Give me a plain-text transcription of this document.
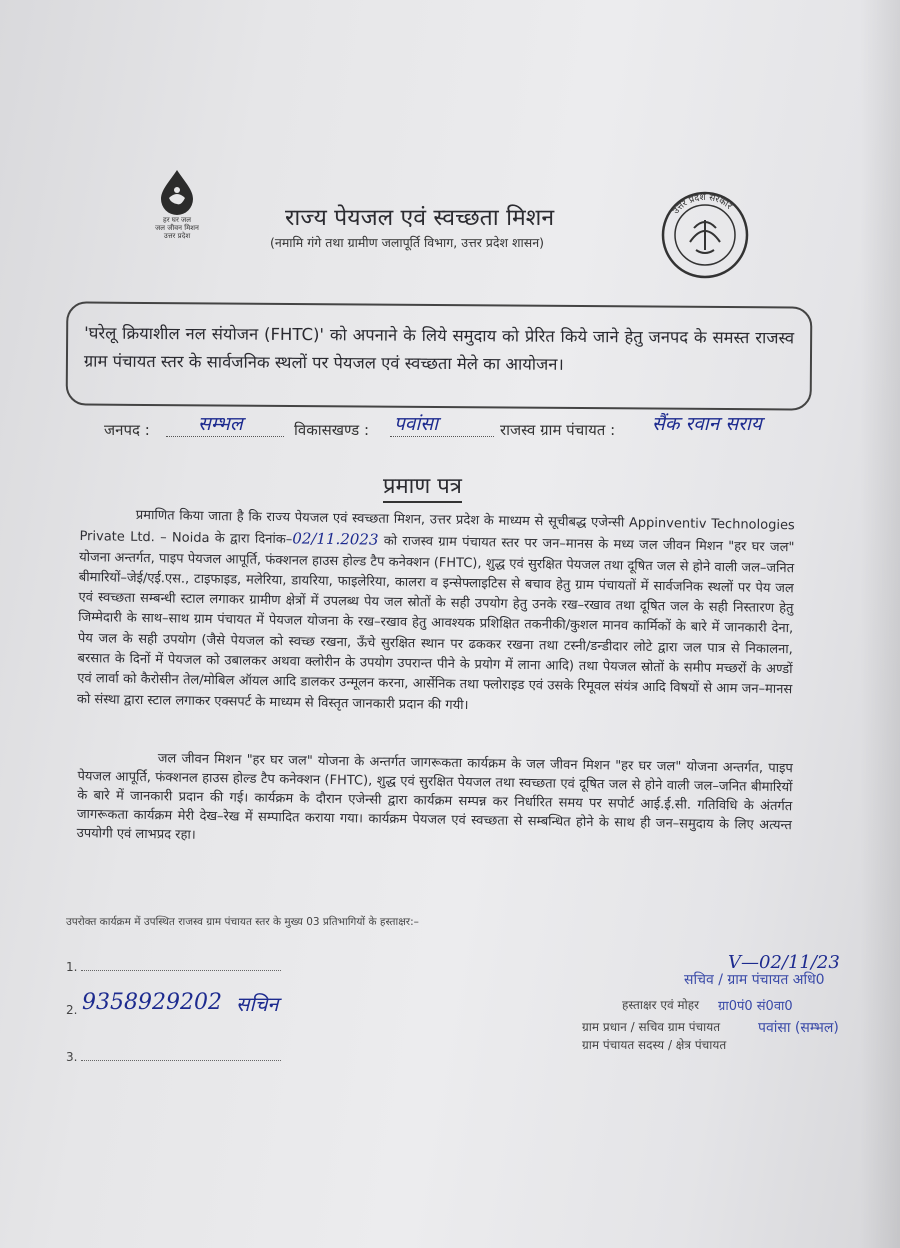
हर घर जल
जल जीवन मिशन
उत्तर प्रदेश
राज्य पेयजल एवं स्वच्छता मिशन
(नमामि गंगे तथा ग्रामीण जलापूर्ति विभाग, उत्तर प्रदेश शासन)
उत्तर प्रदेश सरकार
'घरेलू क्रियाशील नल संयोजन (FHTC)' को अपनाने के लिये समुदाय को प्रेरित किये जाने हेतु जनपद के समस्त राजस्व ग्राम पंचायत स्तर के सार्वजनिक स्थलों पर पेयजल एवं स्वच्छता मेले का आयोजन।
जनपद :	सम्भल	विकासखण्ड : पवांसा	राजस्व ग्राम पंचायत : सैंक रवान सराय
प्रमाण पत्र
प्रमाणित किया जाता है कि राज्य पेयजल एवं स्वच्छता मिशन, उत्तर प्रदेश के माध्यम से सूचीबद्ध एजेन्सी Appinventiv Technologies Private Ltd. – Noida के द्वारा दिनांक–02/11.2023 को राजस्व ग्राम पंचायत स्तर पर जन–मानस के मध्य जल जीवन मिशन "हर घर जल" योजना अन्तर्गत, पाइप पेयजल आपूर्ति, फंक्शनल हाउस होल्ड टैप कनेक्शन (FHTC), शुद्ध एवं सुरक्षित पेयजल तथा दूषित जल से होने वाली जल–जनित बीमारियों–जेई/एई.एस., टाइफाइड, मलेरिया, डायरिया, फाइलेरिया, कालरा व इन्सेफ्लाइटिस से बचाव हेतु ग्राम पंचायतों में सार्वजनिक स्थलों पर पेय जल एवं स्वच्छता सम्बन्धी स्टाल लगाकर ग्रामीण क्षेत्रों में उपलब्ध पेय जल स्रोतों के सही उपयोग हेतु उनके रख–रखाव तथा दूषित जल के सही निस्तारण हेतु जिम्मेदारी के साथ–साथ ग्राम पंचायत में पेयजल योजना के रख–रखाव हेतु आवश्यक प्रशिक्षित तकनीकी/कुशल मानव कार्मिकों के बारे में जानकारी देना, पेय जल के सही उपयोग (जैसे पेयजल को स्वच्छ रखना, ऊँचे सुरक्षित स्थान पर ढककर रखना तथा टस्नी/डन्डीदार लोटे द्वारा जल पात्र से निकालना, बरसात के दिनों में पेयजल को उबालकर अथवा क्लोरीन के उपयोग उपरान्त पीने के प्रयोग में लाना आदि) तथा पेयजल स्रोतों के समीप मच्छरों के अण्डों एवं लार्वा को कैरोसीन तेल/मोबिल ऑयल आदि डालकर उन्मूलन करना, आर्सेनिक तथा फ्लोराइड एवं उसके रिमूवल संयंत्र आदि विषयों से आम जन–मानस को संस्था द्वारा स्टाल लगाकर एक्सपर्ट के माध्यम से विस्तृत जानकारी प्रदान की गयी।
जल जीवन मिशन "हर घर जल" योजना के अन्तर्गत जागरूकता कार्यक्रम के जल जीवन मिशन "हर घर जल" योजना अन्तर्गत, पाइप पेयजल आपूर्ति, फंक्शनल हाउस होल्ड टैप कनेक्शन (FHTC), शुद्ध एवं सुरक्षित पेयजल तथा स्वच्छता एवं दूषित जल से होने वाली जल–जनित बीमारियों के बारे में जानकारी प्रदान की गई। कार्यक्रम के दौरान एजेन्सी द्वारा कार्यक्रम सम्पन्न कर निर्धारित समय पर सपोर्ट आई.ई.सी. गतिविधि के अंतर्गत जागरूकता कार्यक्रम मेरी देख–रेख में सम्पादित कराया गया। कार्यक्रम पेयजल एवं स्वच्छता से सम्बन्धित होने के साथ ही जन–समुदाय के लिए अत्यन्त उपयोगी एवं लाभप्रद रहा।
उपरोक्त कार्यक्रम में उपस्थित राजस्व ग्राम पंचायत स्तर के मुख्य 03 प्रतिभागियों के हस्ताक्षर:–
1.
2. 9358929202 सचिन
3.
V—02/11/23
सचिव / ग्राम पंचायत अधि0
हस्ताक्षर एवं मोहर ग्रा0पं0 सं0वा0
ग्राम प्रधान / सचिव ग्राम पंचायत	पवांसा (सम्भल)
ग्राम पंचायत सदस्य / क्षेत्र पंचायत
